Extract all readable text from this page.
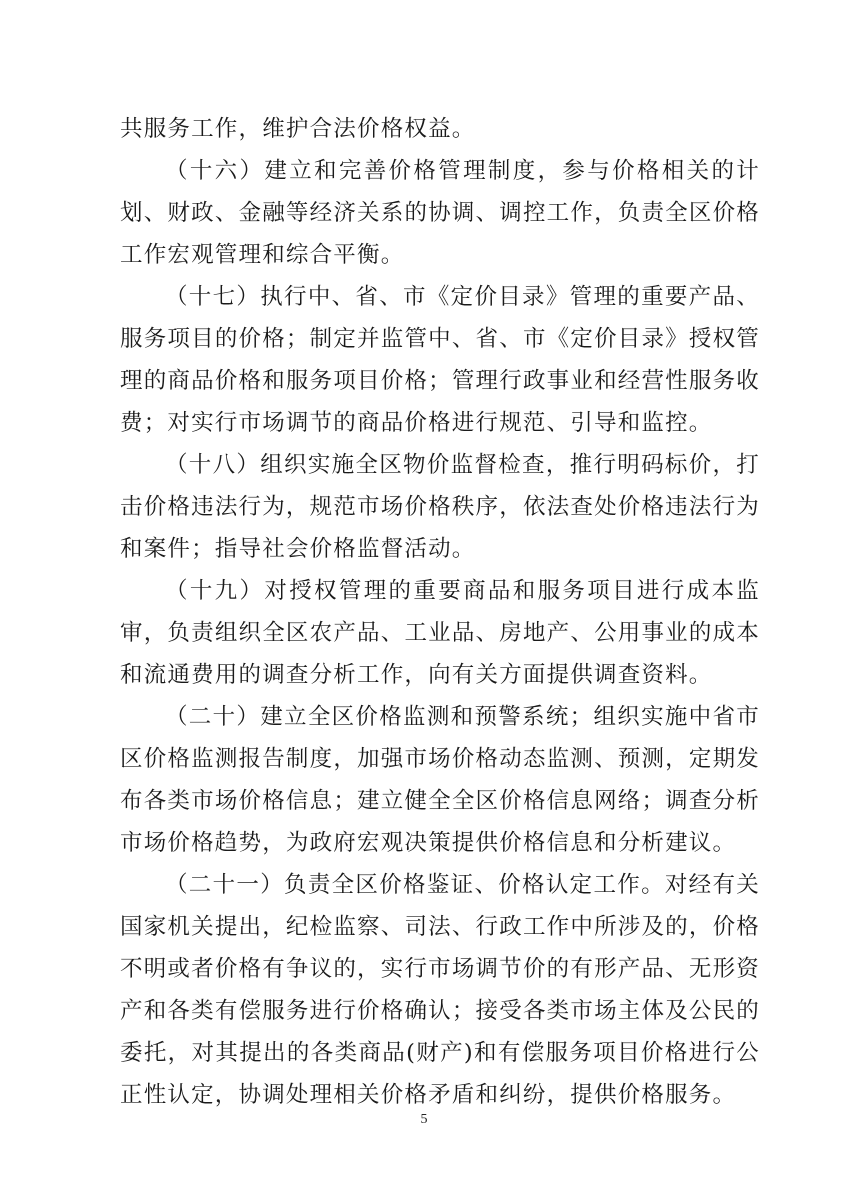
共服务工作，维护合法价格权益。

（十六）建立和完善价格管理制度，参与价格相关的计划、财政、金融等经济关系的协调、调控工作，负责全区价格工作宏观管理和综合平衡。

（十七）执行中、省、市《定价目录》管理的重要产品、服务项目的价格；制定并监管中、省、市《定价目录》授权管理的商品价格和服务项目价格；管理行政事业和经营性服务收费；对实行市场调节的商品价格进行规范、引导和监控。

（十八）组织实施全区物价监督检查，推行明码标价，打击价格违法行为，规范市场价格秩序，依法查处价格违法行为和案件；指导社会价格监督活动。

（十九）对授权管理的重要商品和服务项目进行成本监审，负责组织全区农产品、工业品、房地产、公用事业的成本和流通费用的调查分析工作，向有关方面提供调查资料。

（二十）建立全区价格监测和预警系统；组织实施中省市区价格监测报告制度，加强市场价格动态监测、预测，定期发布各类市场价格信息；建立健全全区价格信息网络；调查分析市场价格趋势，为政府宏观决策提供价格信息和分析建议。

（二十一）负责全区价格鉴证、价格认定工作。对经有关国家机关提出，纪检监察、司法、行政工作中所涉及的，价格不明或者价格有争议的，实行市场调节价的有形产品、无形资产和各类有偿服务进行价格确认；接受各类市场主体及公民的委托，对其提出的各类商品(财产)和有偿服务项目价格进行公正性认定，协调处理相关价格矛盾和纠纷，提供价格服务。

5
